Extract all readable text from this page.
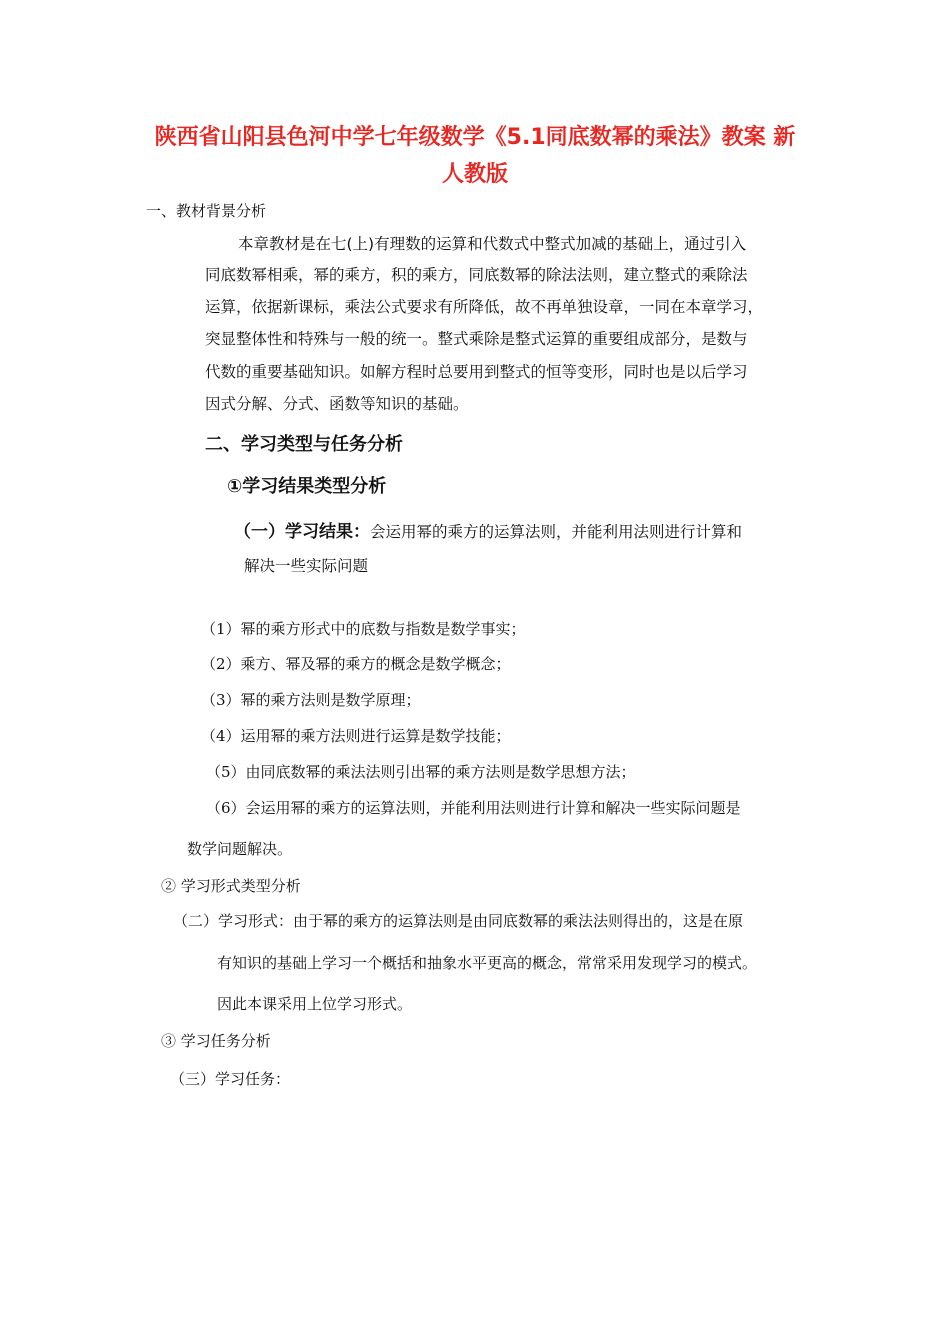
陕西省山阳县色河中学七年级数学《5.1同底数幂的乘法》教案 新
人教版
一、教材背景分析
本章教材是在七(上)有理数的运算和代数式中整式加减的基础上，通过引入
同底数幂相乘，幂的乘方，积的乘方，同底数幂的除法法则，建立整式的乘除法
运算，依据新课标，乘法公式要求有所降低，故不再单独设章，一同在本章学习，
突显整体性和特殊与一般的统一。整式乘除是整式运算的重要组成部分，是数与
代数的重要基础知识。如解方程时总要用到整式的恒等变形，同时也是以后学习
因式分解、分式、函数等知识的基础。
二、学习类型与任务分析
①学习结果类型分析
（一）学习结果：会运用幂的乘方的运算法则，并能利用法则进行计算和
解决一些实际问题
（1）幂的乘方形式中的底数与指数是数学事实；
（2）乘方、幂及幂的乘方的概念是数学概念；
（3）幂的乘方法则是数学原理；
（4）运用幂的乘方法则进行运算是数学技能；
（5）由同底数幂的乘法法则引出幂的乘方法则是数学思想方法；
（6）会运用幂的乘方的运算法则，并能利用法则进行计算和解决一些实际问题是
数学问题解决。
② 学习形式类型分析
（二）学习形式：由于幂的乘方的运算法则是由同底数幂的乘法法则得出的，这是在原
有知识的基础上学习一个概括和抽象水平更高的概念，常常采用发现学习的模式。
因此本课采用上位学习形式。
③ 学习任务分析
（三）学习任务：
